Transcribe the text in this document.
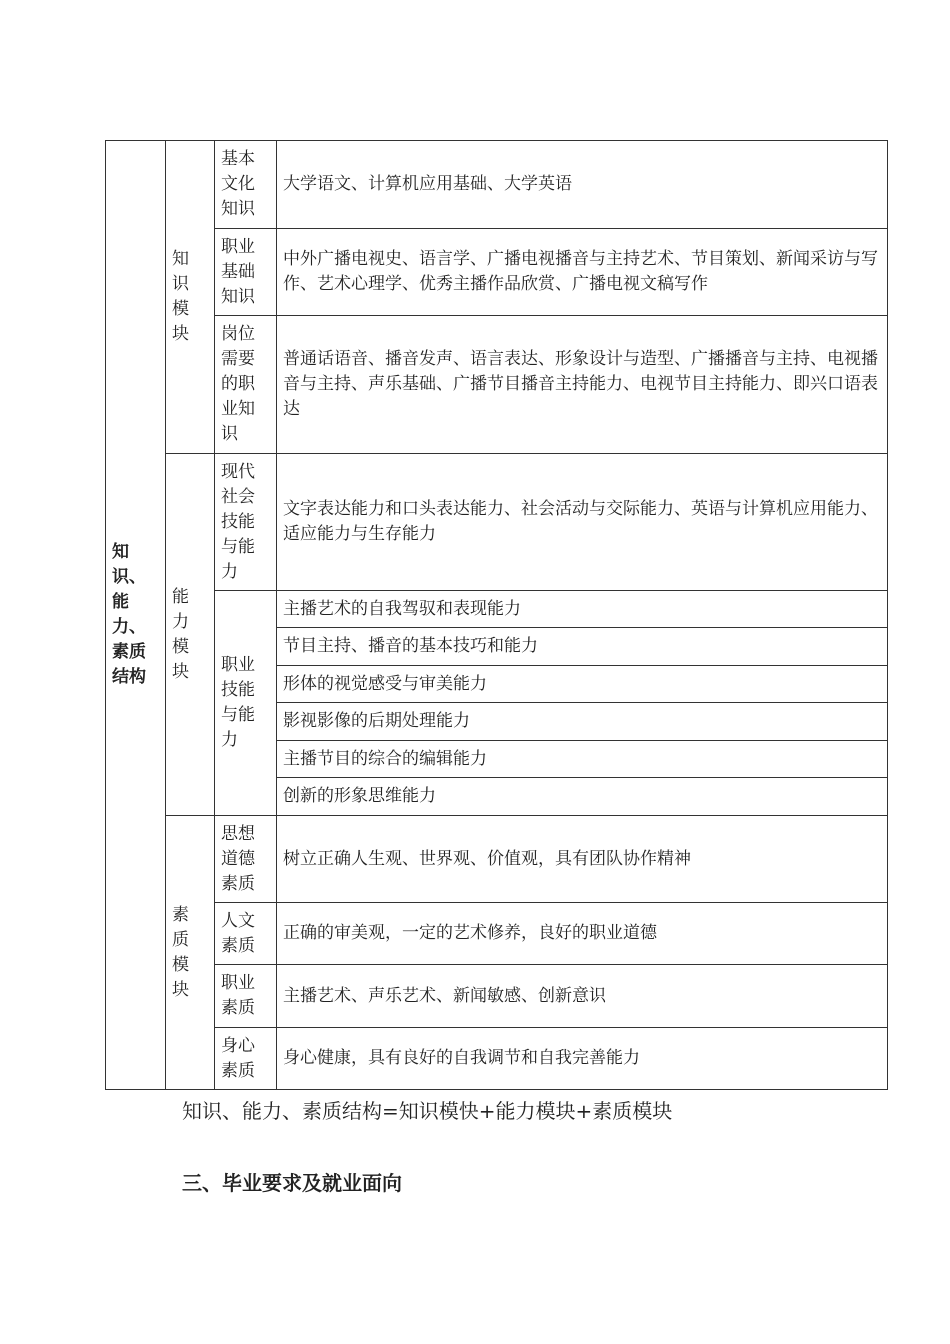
知识、能力、素质结构	知识模块	基本文化知识	大学语文、计算机应用基础、大学英语

		职业基础知识	中外广播电视史、语言学、广播电视播音与主持艺术、节目策划、新闻采访与写作、艺术心理学、优秀主播作品欣赏、广播电视文稿写作

		岗位需要的职业知识	普通话语音、播音发声、语言表达、形象设计与造型、广播播音与主持、电视播音与主持、声乐基础、广播节目播音主持能力、电视节目主持能力、即兴口语表达

	能力模块	现代社会技能与能力	文字表达能力和口头表达能力、社会活动与交际能力、英语与计算机应用能力、适应能力与生存能力

		职业技能与能力	主播艺术的自我驾驭和表现能力
			节目主持、播音的基本技巧和能力
			形体的视觉感受与审美能力
			影视影像的后期处理能力
			主播节目的综合的编辑能力
			创新的形象思维能力

	素质模块	思想道德素质	树立正确人生观、世界观、价值观，具有团队协作精神

		人文素质	正确的审美观，一定的艺术修养，良好的职业道德

		职业素质	主播艺术、声乐艺术、新闻敏感、创新意识

		身心素质	身心健康，具有良好的自我调节和自我完善能力
知识、能力、素质结构=知识模快+能力模块+素质模块
三、毕业要求及就业面向
